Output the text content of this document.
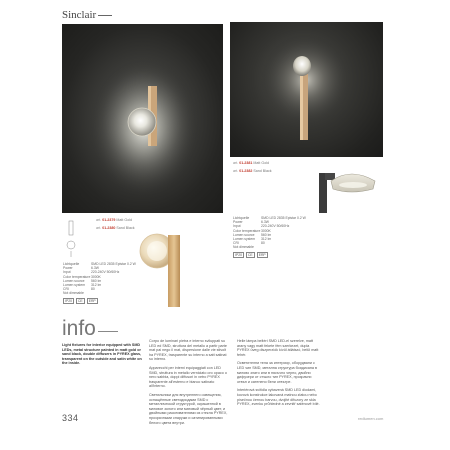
Sinclair
art. 01-2381 Matt Gold
art. 01-2382 Sand Black
Lichtquelle	SMD LED 2835 Epistar 0.2 W
Power	6.3W
Input	220-240V 50/60Hz
Color temperature 3000K
Lumen source	560 lm
Lumen system	312 lm
CRI	80
Not dimmable
IP20	CE	ERP
art. 01-2379 Matt Gold
art. 01-2380 Sand Black
Lichtquelle	SMD LED 2835 Epistar 0.2 W
Power	6.3W
Input	220-240V 50/60Hz
Color temperature 3000K
Lumen source	560 lm
Lumen system	312 lm
CRI	80
Not dimmable
IP20	CE	ERP
info

Light fixtures for interior equipped with SMD LEDs, metal structure painted in matt gold or sand black, double diffusers in PYREX glass, transparent on the outside and satin white on the inside.

Corpo de luminari pietra e interno sviluppati su LED ed SMD, struttura del metallo a partir parte mat pai nego il mat, dispersione dalle vie stivolt ha PYREX, trasparente su interno a satt satinat su interno.

Apparecchi per interni equipaggiati con LED SMD, struttura in metallo verniciato oro opaco o nero sabbia, doppi diffusori in vetro PYREX trasparente all'esterno e bianco satinato all'interno.

Светильники для внутреннего освещения, оснащённые светодиодами SMD с металлической структурой, окрашенной в матовое золото или матовый чёрный цвет, и двойными рассеивателями из стекла PYREX, прозрачными снаружи и сатинированными белого цвета внутри.

Helle lámpa beltéri SMD LED-el szerelve, matt arany vagy matt fekete fém szerkezet, dupla PYREX üveg diszperziók kívül átlátszó, belül matt fehér.

Осветителни тела за интериор, оборудвани с LED чип SMD, метална структура боядисана в матово злато или в пясъчно черно, двойни дифузери от стъкло тип PYREX, прозрачни отвън и сатенено бели отвътре.

Interiérová svítidla vybavená SMD LED diodami, kovová konstrukce lakovaná matnou zlatou nebo písečnou černou barvou, dvojité difuzory ze skla PYREX, zvenku průhledné a zevnitř saténově bílé.

334	redlumen.com
